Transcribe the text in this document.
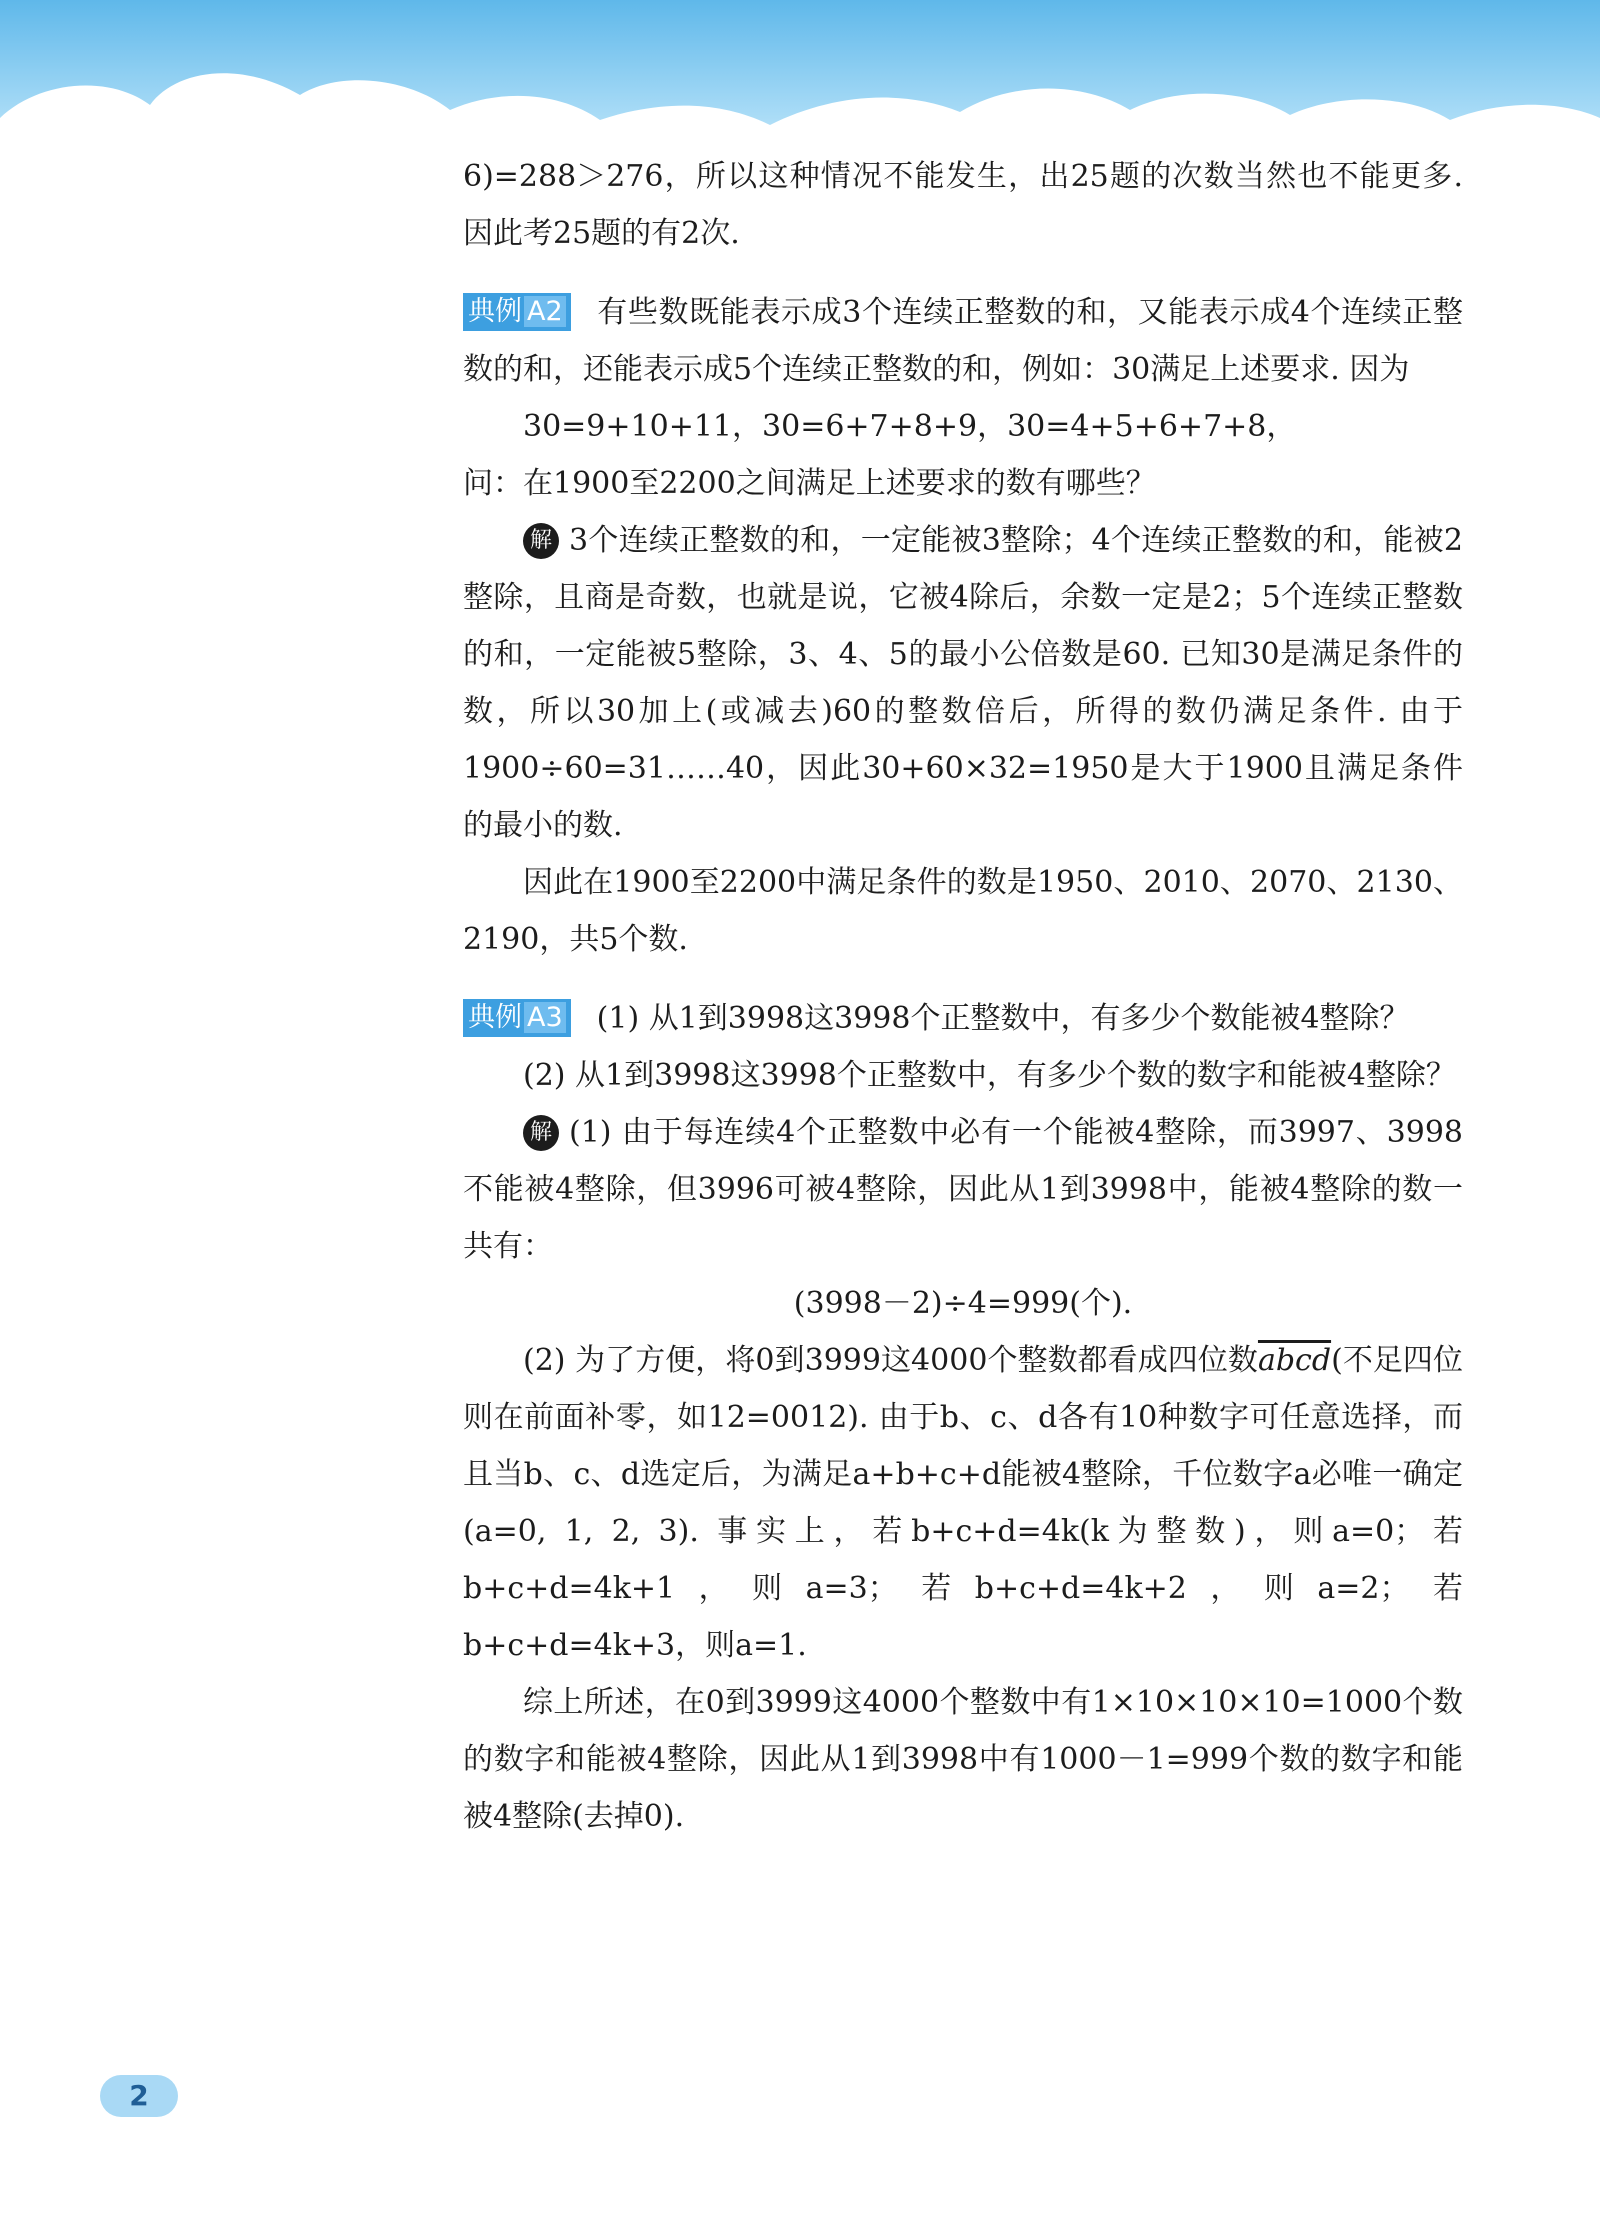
6)=288＞276，所以这种情况不能发生，出25题的次数当然也不能更多. 因此考25题的有2次.

典例 A2 有些数既能表示成3个连续正整数的和，又能表示成4个连续正整数的和，还能表示成5个连续正整数的和，例如：30满足上述要求. 因为

30=9+10+11，30=6+7+8+9，30=4+5+6+7+8，

问：在1900至2200之间满足上述要求的数有哪些？

解 3个连续正整数的和，一定能被3整除；4个连续正整数的和，能被2整除，且商是奇数，也就是说，它被4除后，余数一定是2；5个连续正整数的和，一定能被5整除，3、4、5的最小公倍数是60. 已知30是满足条件的数，所以30加上(或减去)60的整数倍后，所得的数仍满足条件. 由于1900÷60=31……40，因此30+60×32=1950是大于1900且满足条件的最小的数.

因此在1900至2200中满足条件的数是1950、2010、2070、2130、2190，共5个数.

典例 A3 (1) 从1到3998这3998个正整数中，有多少个数能被4整除？

(2) 从1到3998这3998个正整数中，有多少个数的数字和能被4整除？

解 (1) 由于每连续4个正整数中必有一个能被4整除，而3997、3998不能被4整除，但3996可被4整除，因此从1到3998中，能被4整除的数一共有：

(3998－2)÷4=999(个).

(2) 为了方便，将0到3999这4000个整数都看成四位数abcd(不足四位则在前面补零，如12=0012). 由于b、c、d各有10种数字可任意选择，而且当b、c、d选定后，为满足a+b+c+d能被4整除，千位数字a必唯一确定(a=0, 1, 2, 3). 事实上，若b+c+d=4k(k为整数)，则a=0；若b+c+d=4k+1，则a=3；若b+c+d=4k+2，则a=2；若b+c+d=4k+3，则a=1.

综上所述，在0到3999这4000个整数中有1×10×10×10=1000个数的数字和能被4整除，因此从1到3998中有1000－1=999个数的数字和能被4整除(去掉0).

2
